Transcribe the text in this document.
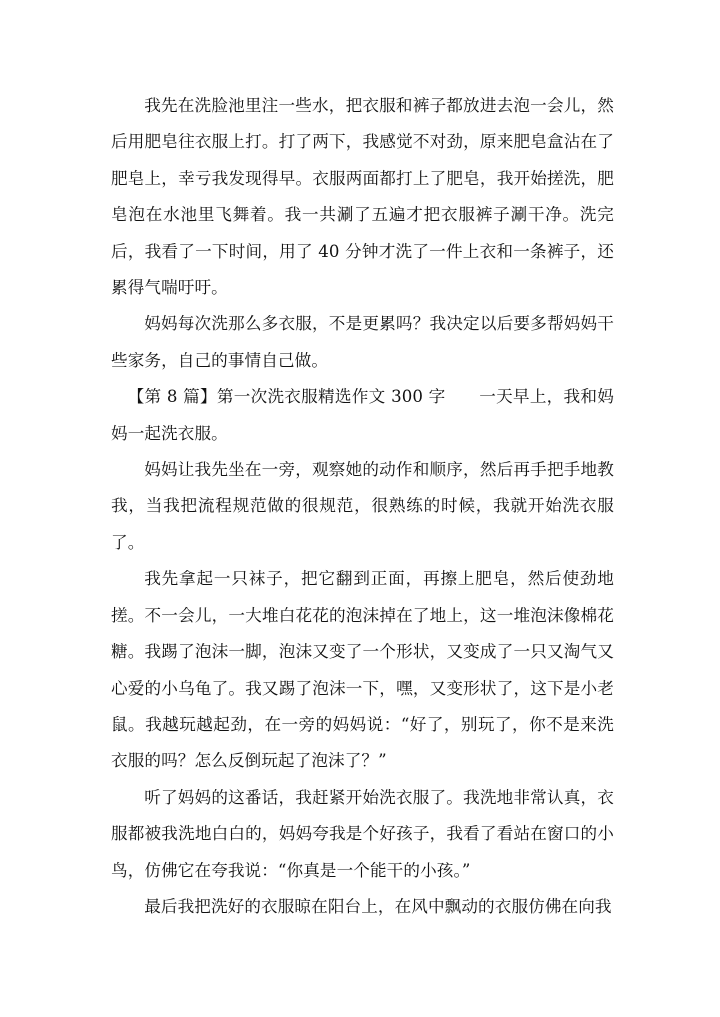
我先在洗脸池里注一些水，把衣服和裤子都放进去泡一会儿，然后用肥皂往衣服上打。打了两下，我感觉不对劲，原来肥皂盒沾在了肥皂上，幸亏我发现得早。衣服两面都打上了肥皂，我开始搓洗，肥皂泡在水池里飞舞着。我一共涮了五遍才把衣服裤子涮干净。洗完后，我看了一下时间，用了 40 分钟才洗了一件上衣和一条裤子，还累得气喘吁吁。

妈妈每次洗那么多衣服，不是更累吗？我决定以后要多帮妈妈干些家务，自己的事情自己做。

【第 8 篇】第一次洗衣服精选作文 300 字　　一天早上，我和妈妈一起洗衣服。

妈妈让我先坐在一旁，观察她的动作和顺序，然后再手把手地教我，当我把流程规范做的很规范，很熟练的时候，我就开始洗衣服了。

我先拿起一只袜子，把它翻到正面，再擦上肥皂，然后使劲地搓。不一会儿，一大堆白花花的泡沫掉在了地上，这一堆泡沫像棉花糖。我踢了泡沫一脚，泡沫又变了一个形状，又变成了一只又淘气又心爱的小乌龟了。我又踢了泡沫一下，嘿，又变形状了，这下是小老鼠。我越玩越起劲，在一旁的妈妈说：“好了，别玩了，你不是来洗衣服的吗？怎么反倒玩起了泡沫了？”

听了妈妈的这番话，我赶紧开始洗衣服了。我洗地非常认真，衣服都被我洗地白白的，妈妈夸我是个好孩子，我看了看站在窗口的小鸟，仿佛它在夸我说：“你真是一个能干的小孩。”

最后我把洗好的衣服晾在阳台上，在风中飘动的衣服仿佛在向我
